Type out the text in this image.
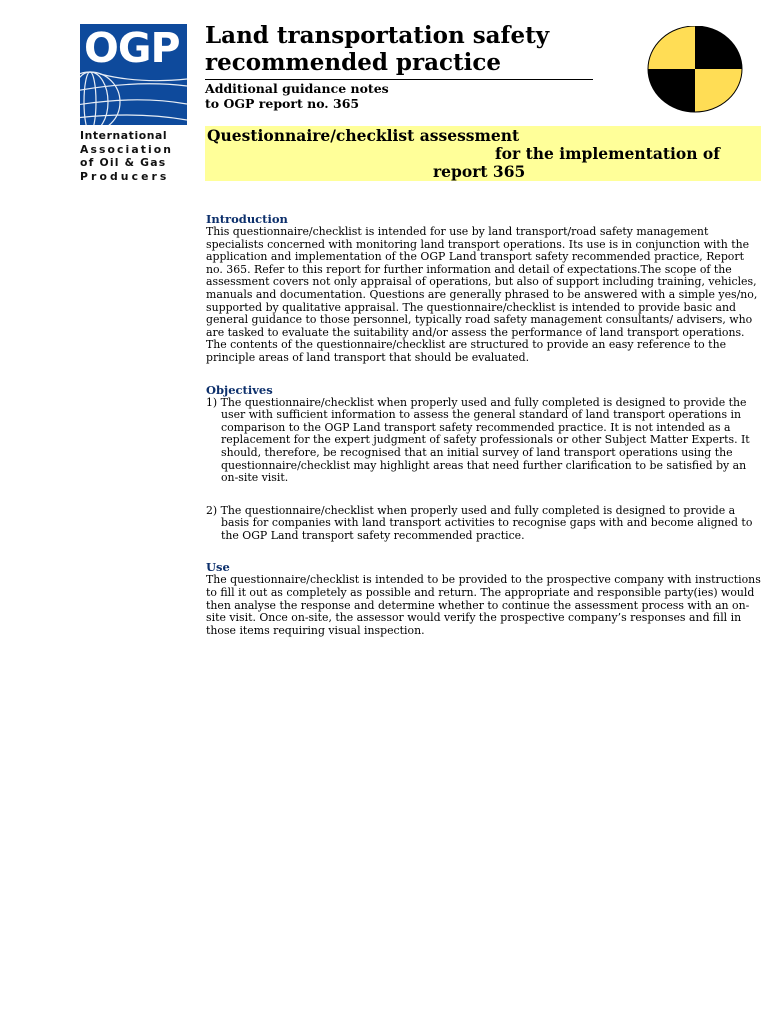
OGP
International
Association
of Oil & Gas
Producers
Land transportation safety
recommended practice
Additional guidance notes
to OGP report no. 365
Questionnaire/checklist assessment
for the implementation of
report 365
Introduction

This questionnaire/checklist is intended for use by land transport/road safety management specialists concerned with monitoring land transport operations. Its use is in conjunction with the application and implementation of the OGP Land transport safety recommended practice, Report no. 365. Refer to this report for further information and detail of expectations.The scope of the assessment covers not only appraisal of operations, but also of support including training, vehicles, manuals and documentation. Questions are generally phrased to be answered with a simple yes/no, supported by qualitative appraisal. The questionnaire/checklist is intended to provide basic and general guidance to those personnel, typically road safety management consultants/ advisers, who are tasked to evaluate the suitability and/or assess the performance of land transport operations. The contents of the questionnaire/checklist are structured to provide an easy reference to the principle areas of land transport that should be evaluated.

Objectives

1) The questionnaire/checklist when properly used and fully completed is designed to provide the user with sufficient information to assess the general standard of land transport operations in comparison to the OGP Land transport safety recommended practice. It is not intended as a replacement for the expert judgment of safety professionals or other Subject Matter Experts. It should, therefore, be recognised that an initial survey of land transport operations using the questionnaire/checklist may highlight areas that need further clarification to be satisfied by an on-site visit.

2) The questionnaire/checklist when properly used and fully completed is designed to provide a basis for companies with land transport activities to recognise gaps with and become aligned to the OGP Land transport safety recommended practice.

Use

The questionnaire/checklist is intended to be provided to the prospective company with instructions to fill it out as completely as possible and return. The appropriate and responsible party(ies) would then analyse the response and determine whether to continue the assessment process with an on-site visit. Once on-site, the assessor would verify the prospective company’s responses and fill in those items requiring visual inspection.
